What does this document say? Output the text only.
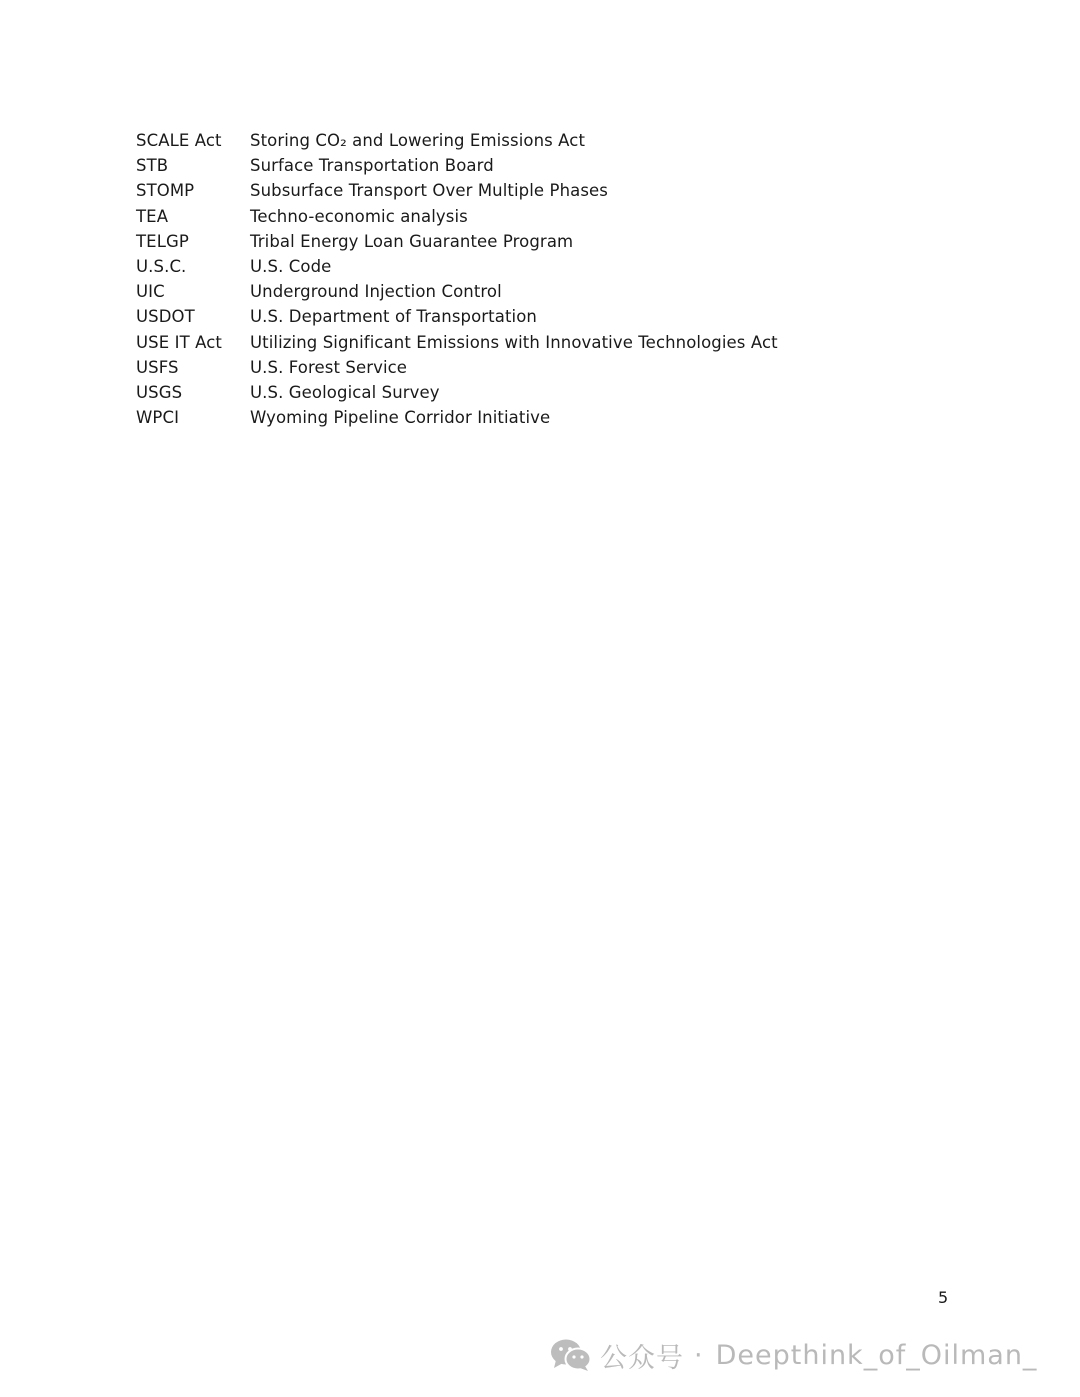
SCALE Act	Storing CO₂ and Lowering Emissions Act
STB	Surface Transportation Board
STOMP	Subsurface Transport Over Multiple Phases
TEA	Techno-economic analysis
TELGP	Tribal Energy Loan Guarantee Program
U.S.C.	U.S. Code
UIC	Underground Injection Control
USDOT	U.S. Department of Transportation
USE IT Act	Utilizing Significant Emissions with Innovative Technologies Act
USFS	U.S. Forest Service
USGS	U.S. Geological Survey
WPCI	Wyoming Pipeline Corridor Initiative
5
公众号 · Deepthink_of_Oilman_
